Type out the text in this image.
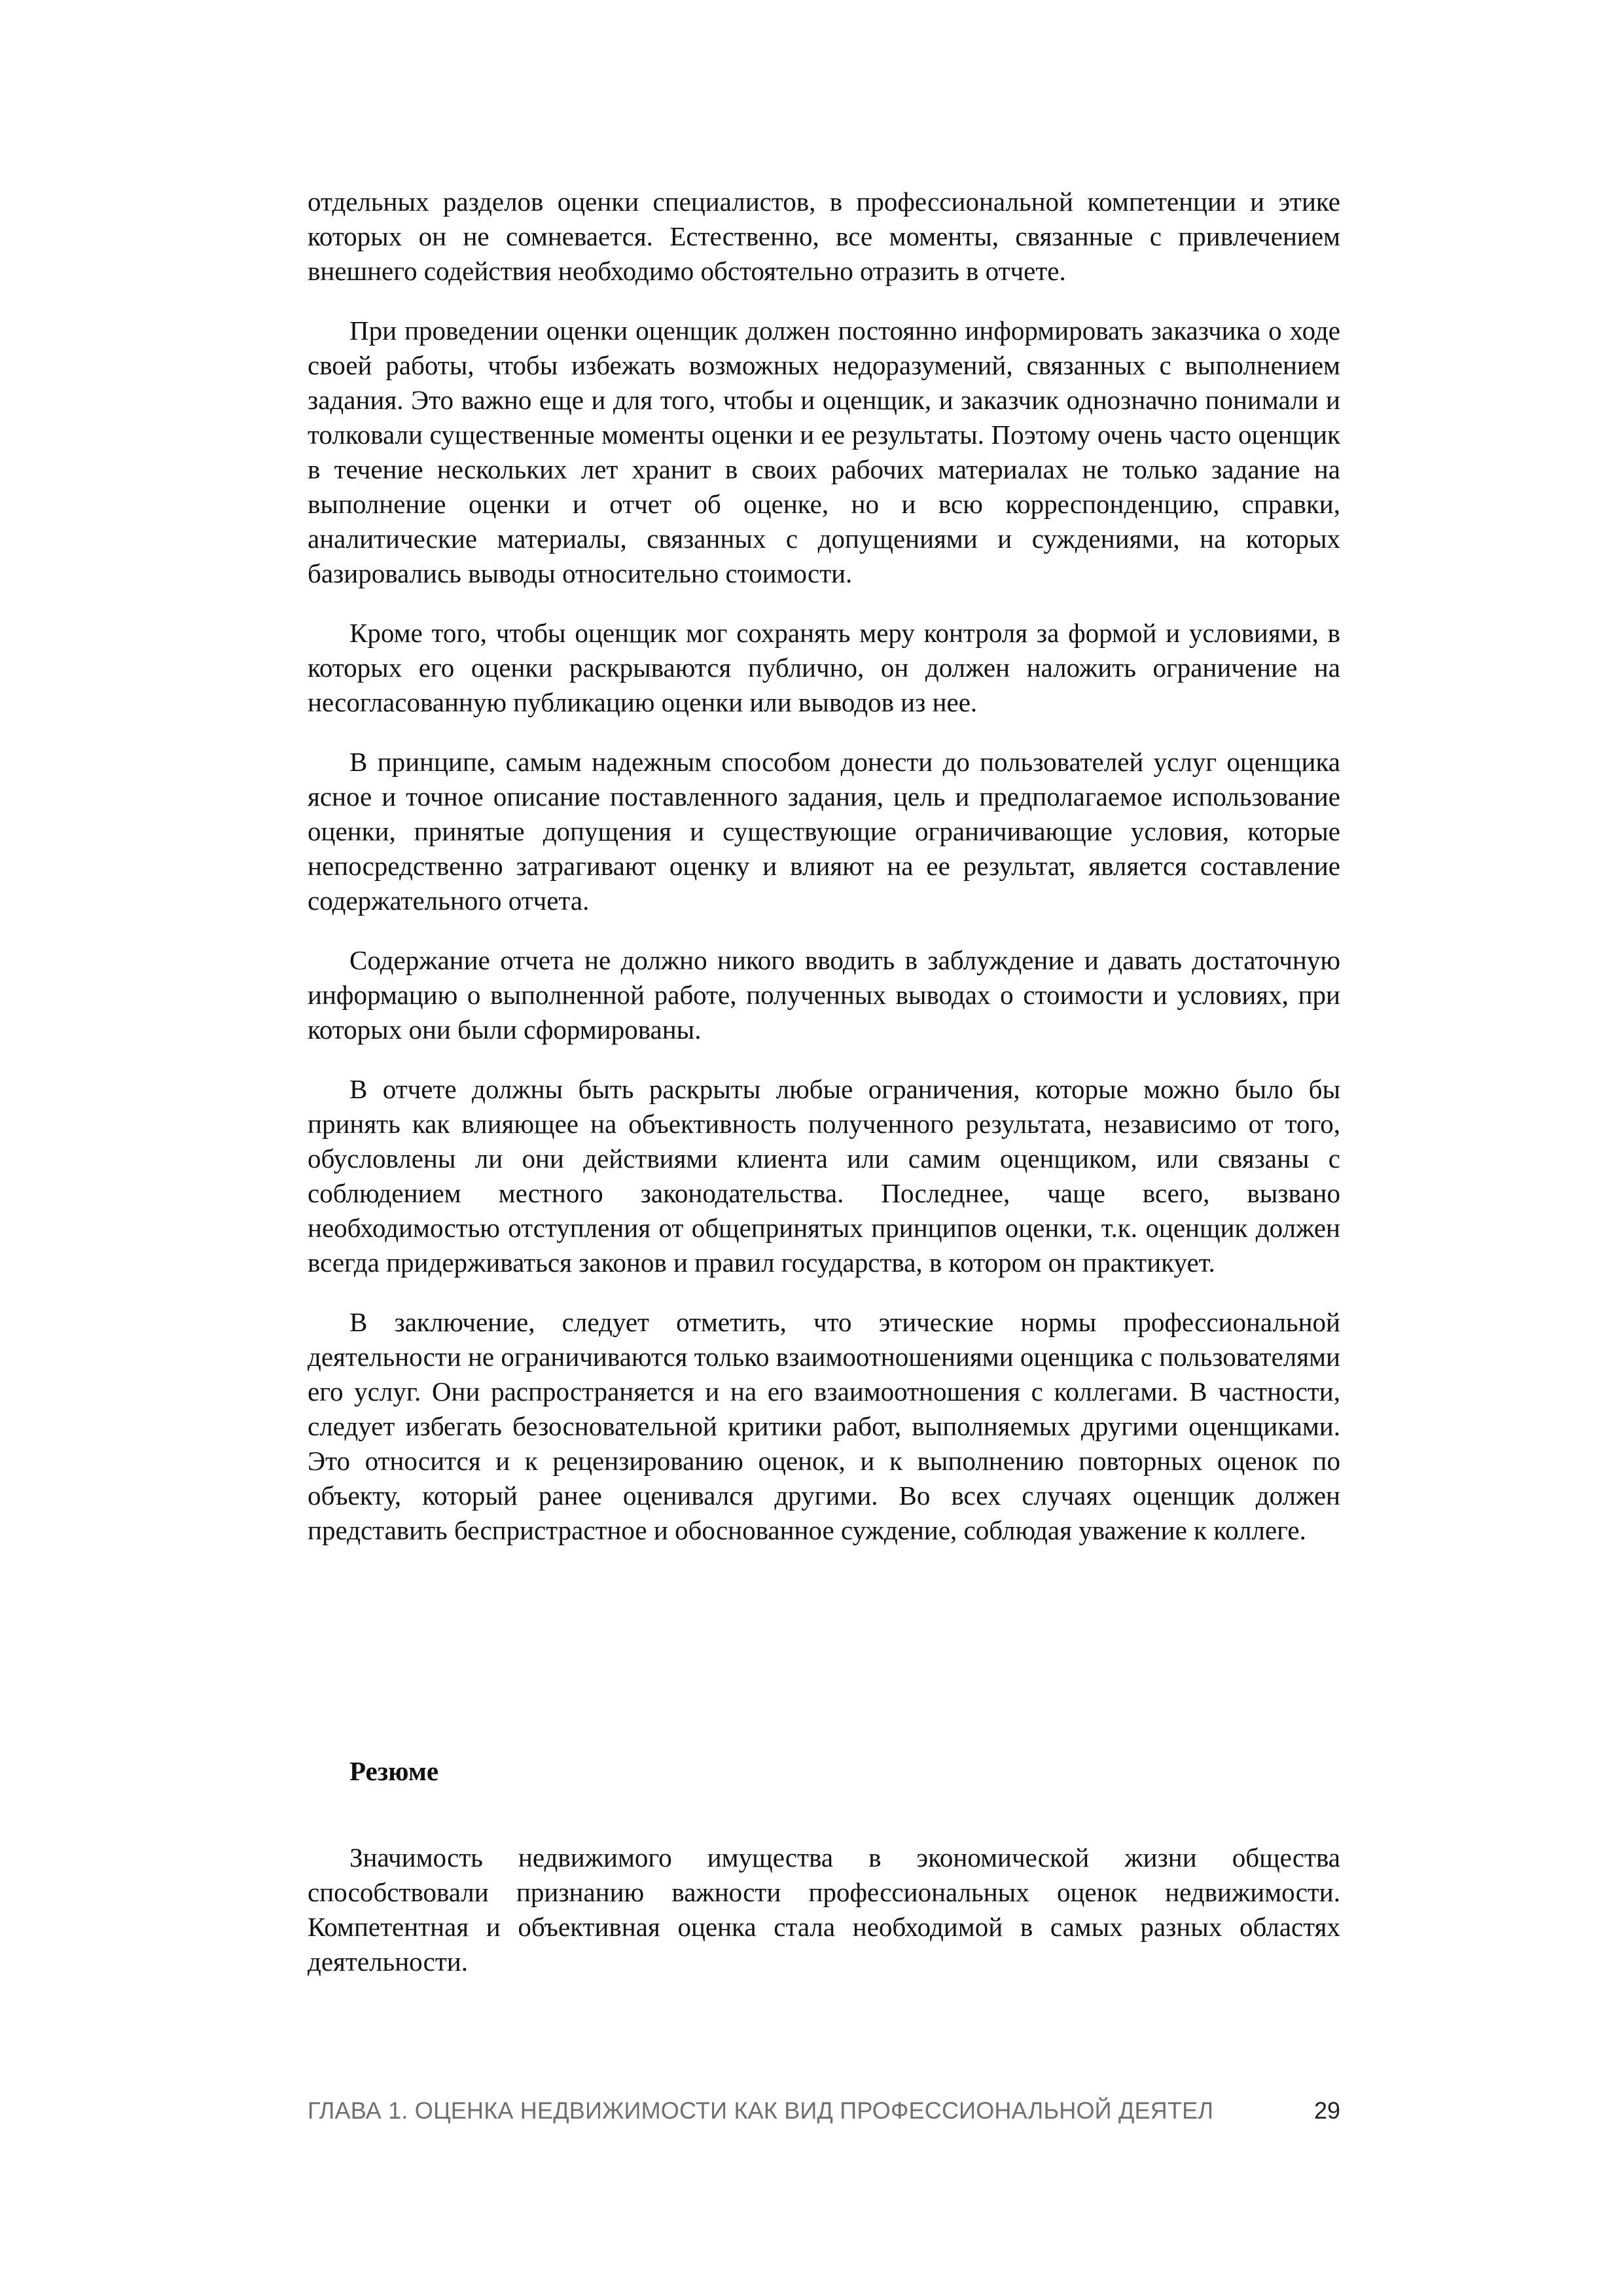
отдельных разделов оценки специалистов, в профессиональной компетенции и этике которых он не сомневается. Естественно, все моменты, связанные с привлечением внешнего содействия необходимо обстоятельно отразить в отчете.

При проведении оценки оценщик должен постоянно информировать заказчика о ходе своей работы, чтобы избежать возможных недоразумений, связанных с выполнением задания. Это важно еще и для того, чтобы и оценщик, и заказчик однозначно понимали и толковали существенные моменты оценки и ее результаты. Поэтому очень часто оценщик в течение нескольких лет хранит в своих рабочих материалах не только задание на выполнение оценки и отчет об оценке, но и всю корреспонденцию, справки, аналитические материалы, связанных с допущениями и суждениями, на которых базировались выводы относительно стоимости.

Кроме того, чтобы оценщик мог сохранять меру контроля за формой и условиями, в которых его оценки раскрываются публично, он должен наложить ограничение на несогласованную публикацию оценки или выводов из нее.

В принципе, самым надежным способом донести до пользователей услуг оценщика ясное и точное описание поставленного задания, цель и предполагаемое использование оценки, принятые допущения и существующие ограничивающие условия, которые непосредственно затрагивают оценку и влияют на ее результат, является составление содержательного отчета.

Содержание отчета не должно никого вводить в заблуждение и давать достаточную информацию о выполненной работе, полученных выводах о стоимости и условиях, при которых они были сформированы.

В отчете должны быть раскрыты любые ограничения, которые можно было бы принять как влияющее на объективность полученного результата, независимо от того, обусловлены ли они действиями клиента или самим оценщиком, или связаны с соблюдением местного законодательства. Последнее, чаще всего, вызвано необходимостью отступления от общепринятых принципов оценки, т.к. оценщик должен всегда придерживаться законов и правил государства, в котором он практикует.

В заключение, следует отметить, что этические нормы профессиональной деятельности не ограничиваются только взаимоотношениями оценщика с пользователями его услуг. Они распространяется и на его взаимоотношения с коллегами. В частности, следует избегать безосновательной критики работ, выполняемых другими оценщиками. Это относится и к рецензированию оценок, и к выполнению повторных оценок по объекту, который ранее оценивался другими. Во всех случаях оценщик должен представить беспристрастное и обоснованное суждение, соблюдая уважение к коллеге.

Резюме

Значимость недвижимого имущества в экономической жизни общества способствовали признанию важности профессиональных оценок недвижимости. Компетентная и объективная оценка стала необходимой в самых разных областях деятельности.

ГЛАВА 1. ОЦЕНКА НЕДВИЖИМОСТИ КАК ВИД ПРОФЕССИОНАЛЬНОЙ ДЕЯТЕЛ	29
